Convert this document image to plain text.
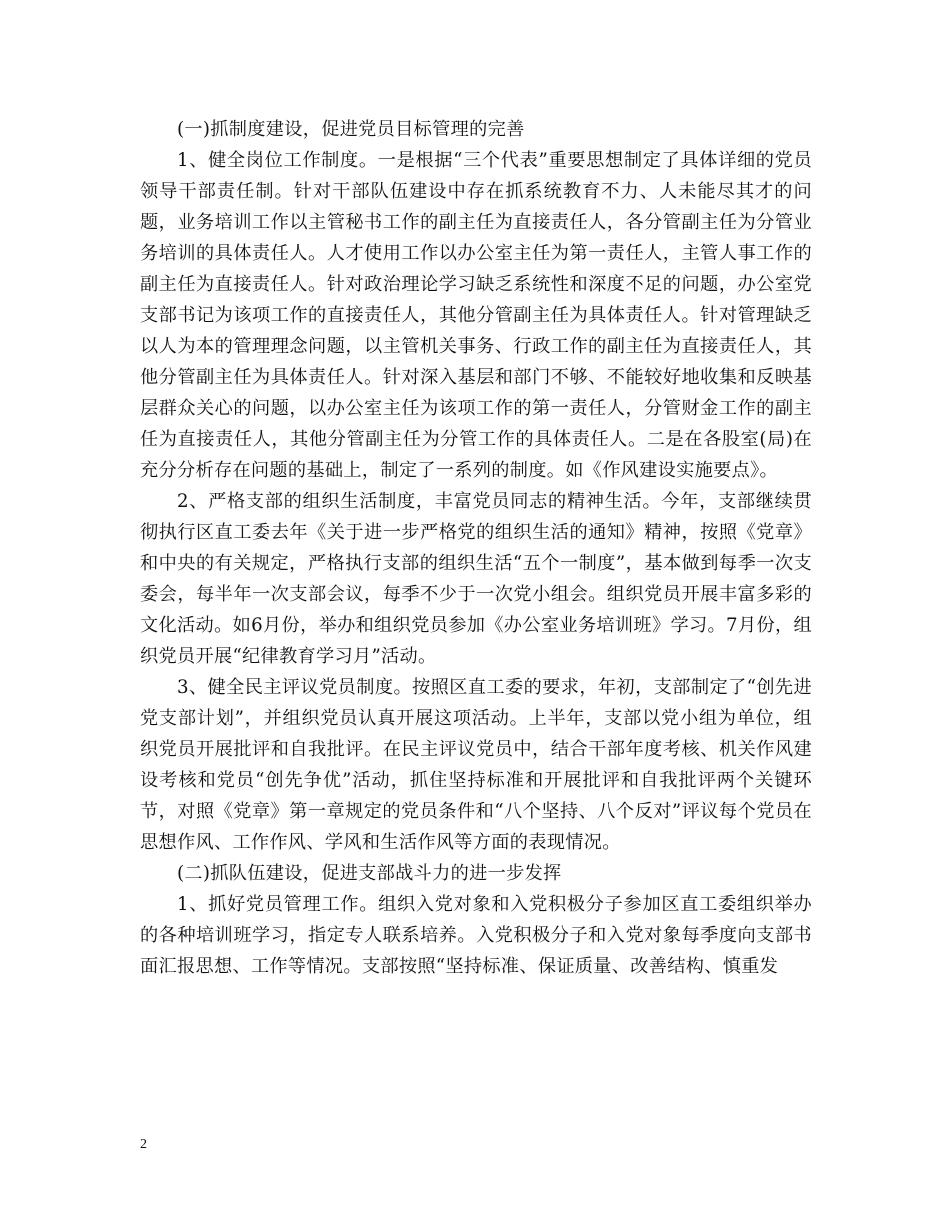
(一)抓制度建设，促进党员目标管理的完善

1、健全岗位工作制度。一是根据“三个代表”重要思想制定了具体详细的党员领导干部责任制。针对干部队伍建设中存在抓系统教育不力、人未能尽其才的问题，业务培训工作以主管秘书工作的副主任为直接责任人，各分管副主任为分管业务培训的具体责任人。人才使用工作以办公室主任为第一责任人，主管人事工作的副主任为直接责任人。针对政治理论学习缺乏系统性和深度不足的问题，办公室党支部书记为该项工作的直接责任人，其他分管副主任为具体责任人。针对管理缺乏以人为本的管理理念问题，以主管机关事务、行政工作的副主任为直接责任人，其他分管副主任为具体责任人。针对深入基层和部门不够、不能较好地收集和反映基层群众关心的问题，以办公室主任为该项工作的第一责任人，分管财金工作的副主任为直接责任人，其他分管副主任为分管工作的具体责任人。二是在各股室(局)在充分分析存在问题的基础上，制定了一系列的制度。如《作风建设实施要点》。

2、严格支部的组织生活制度，丰富党员同志的精神生活。今年，支部继续贯彻执行区直工委去年《关于进一步严格党的组织生活的通知》精神，按照《党章》和中央的有关规定，严格执行支部的组织生活“五个一制度”，基本做到每季一次支委会，每半年一次支部会议，每季不少于一次党小组会。组织党员开展丰富多彩的文化活动。如6月份，举办和组织党员参加《办公室业务培训班》学习。7月份，组织党员开展“纪律教育学习月”活动。

3、健全民主评议党员制度。按照区直工委的要求，年初，支部制定了“创先进党支部计划”，并组织党员认真开展这项活动。上半年，支部以党小组为单位，组织党员开展批评和自我批评。在民主评议党员中，结合干部年度考核、机关作风建设考核和党员“创先争优”活动，抓住坚持标准和开展批评和自我批评两个关键环节，对照《党章》第一章规定的党员条件和“八个坚持、八个反对”评议每个党员在思想作风、工作作风、学风和生活作风等方面的表现情况。

(二)抓队伍建设，促进支部战斗力的进一步发挥

1、抓好党员管理工作。组织入党对象和入党积极分子参加区直工委组织举办的各种培训班学习，指定专人联系培养。入党积极分子和入党对象每季度向支部书面汇报思想、工作等情况。支部按照“坚持标准、保证质量、改善结构、慎重发

2
